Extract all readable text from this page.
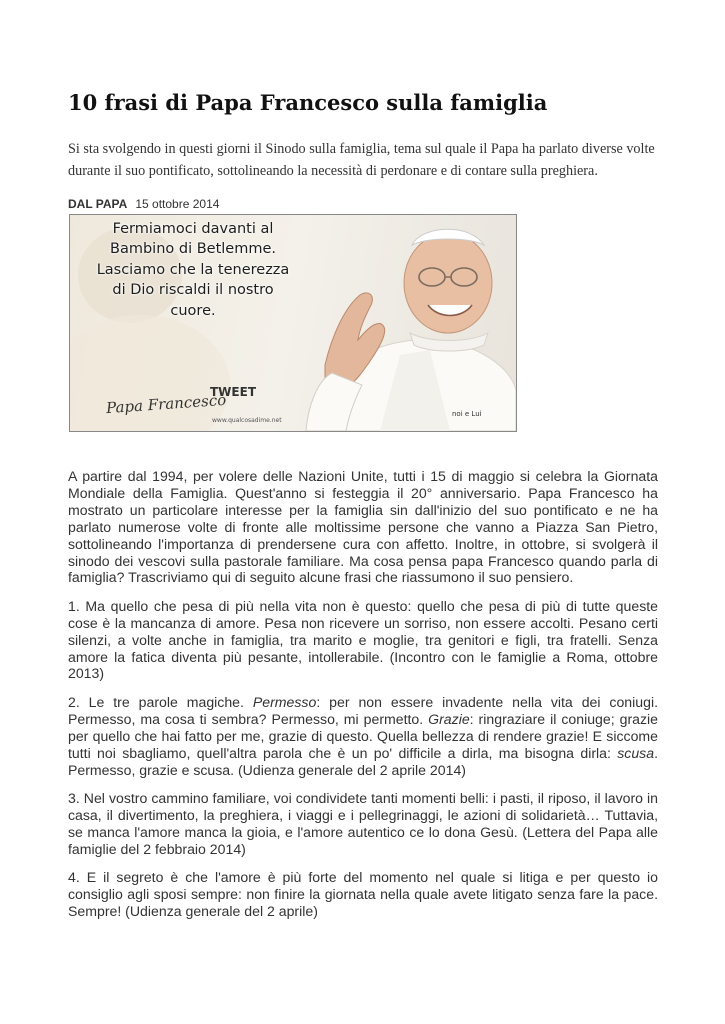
10 frasi di Papa Francesco sulla famiglia

Si sta svolgendo in questi giorni il Sinodo sulla famiglia, tema sul quale il Papa ha parlato diverse volte durante il suo pontificato, sottolineando la necessità di perdonare e di contare sulla preghiera.

DAL PAPA 15 ottobre 2014

Fermiamoci davanti al Bambino di Betlemme. Lasciamo che la tenerezza di Dio riscaldi il nostro cuore.

TWEET

Papa Francesco

www.qualcosadime.net

noi e Lui

A partire dal 1994, per volere delle Nazioni Unite, tutti i 15 di maggio si celebra la Giornata Mondiale della Famiglia. Quest'anno si festeggia il 20° anniversario. Papa Francesco ha mostrato un particolare interesse per la famiglia sin dall'inizio del suo pontificato e ne ha parlato numerose volte di fronte alle moltissime persone che vanno a Piazza San Pietro, sottolineando l'importanza di prendersene cura con affetto. Inoltre, in ottobre, si svolgerà il sinodo dei vescovi sulla pastorale familiare. Ma cosa pensa papa Francesco quando parla di famiglia? Trascriviamo qui di seguito alcune frasi che riassumono il suo pensiero.

1. Ma quello che pesa di più nella vita non è questo: quello che pesa di più di tutte queste cose è la mancanza di amore. Pesa non ricevere un sorriso, non essere accolti. Pesano certi silenzi, a volte anche in famiglia, tra marito e moglie, tra genitori e figli, tra fratelli. Senza amore la fatica diventa più pesante, intollerabile. (Incontro con le famiglie a Roma, ottobre 2013)

2. Le tre parole magiche. Permesso: per non essere invadente nella vita dei coniugi. Permesso, ma cosa ti sembra? Permesso, mi permetto. Grazie: ringraziare il coniuge; grazie per quello che hai fatto per me, grazie di questo. Quella bellezza di rendere grazie! E siccome tutti noi sbagliamo, quell'altra parola che è un po' difficile a dirla, ma bisogna dirla: scusa. Permesso, grazie e scusa. (Udienza generale del 2 aprile 2014)

3. Nel vostro cammino familiare, voi condividete tanti momenti belli: i pasti, il riposo, il lavoro in casa, il divertimento, la preghiera, i viaggi e i pellegrinaggi, le azioni di solidarietà… Tuttavia, se manca l'amore manca la gioia, e l'amore autentico ce lo dona Gesù. (Lettera del Papa alle famiglie del 2 febbraio 2014)

4. E il segreto è che l'amore è più forte del momento nel quale si litiga e per questo io consiglio agli sposi sempre: non finire la giornata nella quale avete litigato senza fare la pace. Sempre! (Udienza generale del 2 aprile)
